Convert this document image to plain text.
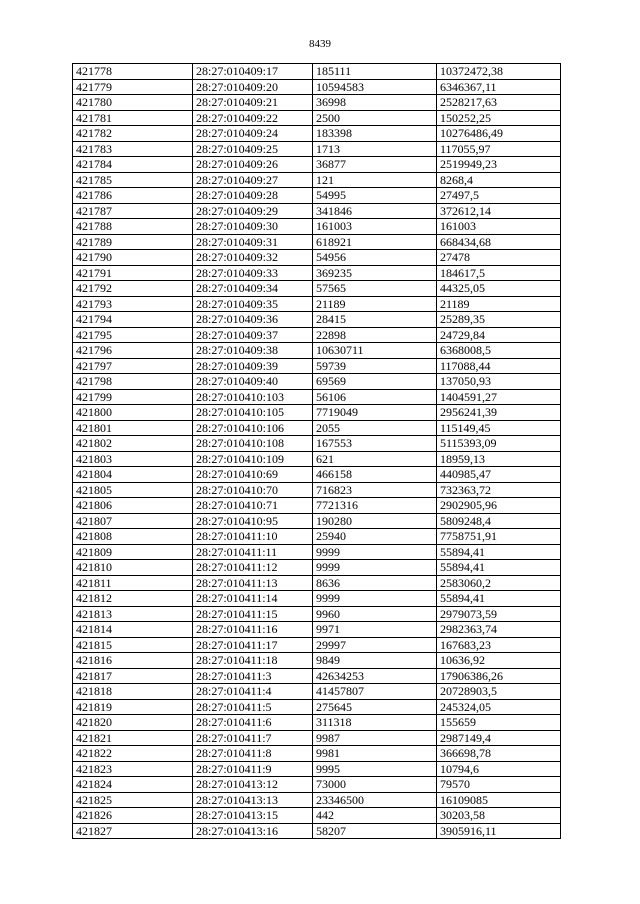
8439
421778	28:27:010409:17	185111	10372472,38
421779	28:27:010409:20	10594583	6346367,11
421780	28:27:010409:21	36998	2528217,63
421781	28:27:010409:22	2500	150252,25
421782	28:27:010409:24	183398	10276486,49
421783	28:27:010409:25	1713	117055,97
421784	28:27:010409:26	36877	2519949,23
421785	28:27:010409:27	121	8268,4
421786	28:27:010409:28	54995	27497,5
421787	28:27:010409:29	341846	372612,14
421788	28:27:010409:30	161003	161003
421789	28:27:010409:31	618921	668434,68
421790	28:27:010409:32	54956	27478
421791	28:27:010409:33	369235	184617,5
421792	28:27:010409:34	57565	44325,05
421793	28:27:010409:35	21189	21189
421794	28:27:010409:36	28415	25289,35
421795	28:27:010409:37	22898	24729,84
421796	28:27:010409:38	10630711	6368008,5
421797	28:27:010409:39	59739	117088,44
421798	28:27:010409:40	69569	137050,93
421799	28:27:010410:103	56106	1404591,27
421800	28:27:010410:105	7719049	2956241,39
421801	28:27:010410:106	2055	115149,45
421802	28:27:010410:108	167553	5115393,09
421803	28:27:010410:109	621	18959,13
421804	28:27:010410:69	466158	440985,47
421805	28:27:010410:70	716823	732363,72
421806	28:27:010410:71	7721316	2902905,96
421807	28:27:010410:95	190280	5809248,4
421808	28:27:010411:10	25940	7758751,91
421809	28:27:010411:11	9999	55894,41
421810	28:27:010411:12	9999	55894,41
421811	28:27:010411:13	8636	2583060,2
421812	28:27:010411:14	9999	55894,41
421813	28:27:010411:15	9960	2979073,59
421814	28:27:010411:16	9971	2982363,74
421815	28:27:010411:17	29997	167683,23
421816	28:27:010411:18	9849	10636,92
421817	28:27:010411:3	42634253	17906386,26
421818	28:27:010411:4	41457807	20728903,5
421819	28:27:010411:5	275645	245324,05
421820	28:27:010411:6	311318	155659
421821	28:27:010411:7	9987	2987149,4
421822	28:27:010411:8	9981	366698,78
421823	28:27:010411:9	9995	10794,6
421824	28:27:010413:12	73000	79570
421825	28:27:010413:13	23346500	16109085
421826	28:27:010413:15	442	30203,58
421827	28:27:010413:16	58207	3905916,11
